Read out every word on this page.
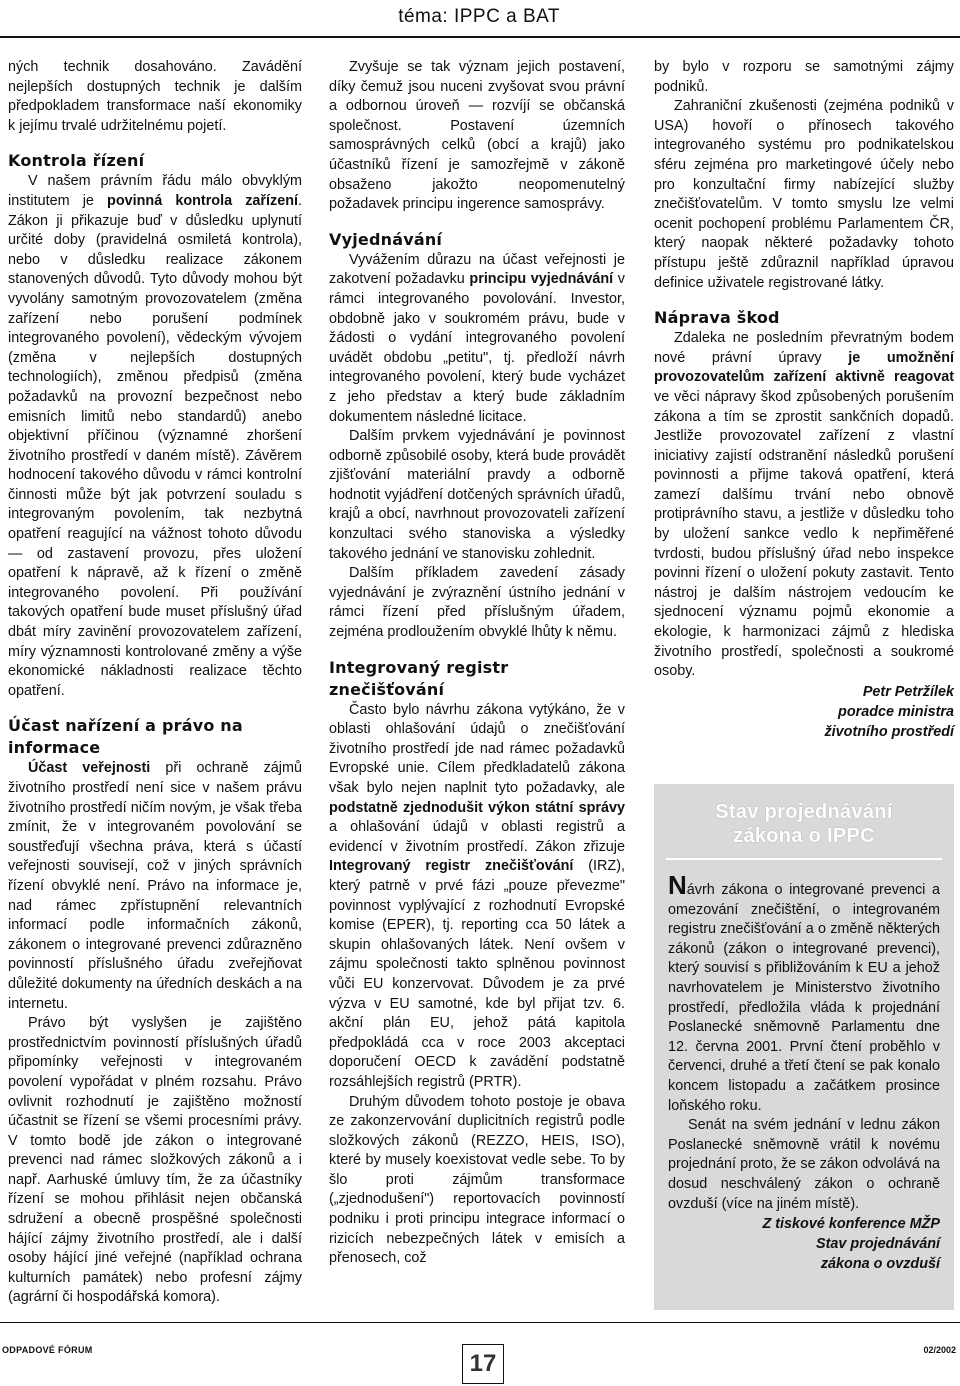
téma: IPPC a BAT

ných technik dosahováno. Zavádění nejlepších dostupných technik je dalším předpokladem transformace naší ekonomiky k jejímu trvalé udržitelnému pojetí.

Kontrola řízení

V našem právním řádu málo obvyklým institutem je povinná kontrola zařízení. Zákon ji přikazuje buď v důsledku uplynutí určité doby (pravidelná osmiletá kontrola), nebo v důsledku realizace zákonem stanovených důvodů. Tyto důvody mohou být vyvolány samotným provozovatelem (změna zařízení nebo porušení podmínek integrovaného povolení), vědeckým vývojem (změna v nejlepších dostupných technologiích), změnou předpisů (změna požadavků na provozní bezpečnost nebo emisních limitů nebo standardů) anebo objektivní příčinou (významné zhoršení životního prostředí v daném místě). Závěrem hodnocení takového důvodu v rámci kontrolní činnosti může být jak potvrzení souladu s integrovaným povolením, tak nezbytná opatření reagující na vážnost tohoto důvodu — od zastavení provozu, přes uložení opatření k nápravě, až k řízení o změně integrovaného povolení. Při používání takových opatření bude muset příslušný úřad dbát míry zavinění provozovatelem zařízení, míry významnosti kontrolované změny a výše ekonomické nákladnosti realizace těchto opatření.

Účast nařízení a právo na informace

Účast veřejnosti při ochraně zájmů životního prostředí není sice v našem právu životního prostředí ničím novým, je však třeba zmínit, že v integrovaném povolování se soustřeďují všechna práva, která s účastí veřejnosti souvisejí, což v jiných správních řízení obvyklé není. Právo na informace je, nad rámec zpřístupnění relevantních informací podle informačních zákonů, zákonem o integrované prevenci zdůrazněno povinností příslušného úřadu zveřejňovat důležité dokumenty na úředních deskách a na internetu.

Právo být vyslyšen je zajištěno prostřednictvím povinností příslušných úřadů připomínky veřejnosti v integrovaném povolení vypořádat v plném rozsahu. Právo ovlivnit rozhodnutí je zajištěno možností účastnit se řízení se všemi procesními právy. V tomto bodě jde zákon o integrované prevenci nad rámec složkových zákonů a i např. Aarhuské úmluvy tím, že za účastníky řízení se mohou přihlásit nejen občanská sdružení a obecně prospěšné společnosti hájící zájmy životního prostředí, ale i další osoby hájící jiné veřejné (například ochrana kulturních památek) nebo profesní zájmy (agrární či hospodářská komora).

Zvyšuje se tak význam jejich postavení, díky čemuž jsou nuceni zvyšovat svou právní a odbornou úroveň — rozvíjí se občanská společnost. Postavení územních samosprávných celků (obcí a krajů) jako účastníků řízení je samozřejmě v zákoně obsaženo jakožto neopomenutelný požadavek principu ingerence samosprávy.

Vyjednávání

Vyvážením důrazu na účast veřejnosti je zakotvení požadavku principu vyjednávání v rámci integrovaného povolování. Investor, obdobně jako v soukromém právu, bude v žádosti o vydání integrovaného povolení uvádět obdobu „petitu", tj. předloží návrh integrovaného povolení, který bude vycházet z jeho představ a který bude základním dokumentem následné licitace.

Dalším prvkem vyjednávání je povinnost odborně způsobilé osoby, která bude provádět zjišťování materiální pravdy a odborně hodnotit vyjádření dotčených správních úřadů, krajů a obcí, navrhnout provozovateli zařízení konzultaci svého stanoviska a výsledky takového jednání ve stanovisku zohlednit.

Dalším příkladem zavedení zásady vyjednávání je zvýraznění ústního jednání v rámci řízení před příslušným úřadem, zejména prodloužením obvyklé lhůty k němu.

Integrovaný registr znečišťování

Často bylo návrhu zákona vytýkáno, že v oblasti ohlašování údajů o znečišťování životního prostředí jde nad rámec požadavků Evropské unie. Cílem předkladatelů zákona však bylo nejen naplnit tyto požadavky, ale podstatně zjednodušit výkon státní správy a ohlašování údajů v oblasti registrů a evidencí v životním prostředí. Zákon zřizuje Integrovaný registr znečišťování (IRZ), který patrně v prvé fázi „pouze převezme" povinnost vyplývající z rozhodnutí Evropské komise (EPER), tj. reporting cca 50 látek a skupin ohlašovaných látek. Není ovšem v zájmu společnosti takto splněnou povinnost vůči EU konzervovat. Důvodem je za prvé výzva v EU samotné, kde byl přijat tzv. 6. akční plán EU, jehož pátá kapitola předpokládá cca v roce 2003 akceptaci doporučení OECD k zavádění podstatně rozsáhlejších registrů (PRTR).

Druhým důvodem tohoto postoje je obava ze zakonzervování duplicitních registrů podle složkových zákonů (REZZO, HEIS, ISO), které by musely koexistovat vedle sebe. To by šlo proti zájmům transformace („zjednodušení") reportovacích povinností podniku i proti principu integrace informací o rizicích nebezpečných látek v emisích a přenosech, což

by bylo v rozporu se samotnými zájmy podniků.

Zahraniční zkušenosti (zejména podniků v USA) hovoří o přínosech takového integrovaného systému pro podnikatelskou sféru zejména pro marketingové účely nebo pro konzultační firmy nabízející služby znečišťovatelům. V tomto smyslu lze velmi ocenit pochopení problému Parlamentem ČR, který naopak některé požadavky tohoto přístupu ještě zdůraznil například úpravou definice uživatele registrované látky.

Náprava škod

Zdaleka ne posledním převratným bodem nové právní úpravy je umožnění provozovatelům zařízení aktivně reagovat ve věci nápravy škod způsobených porušením zákona a tím se zprostit sankčních dopadů. Jestliže provozovatel zařízení z vlastní iniciativy zajistí odstranění následků porušení povinnosti a přijme taková opatření, která zamezí dalšímu trvání nebo obnově protiprávního stavu, a jestliže v důsledku toho by uložení sankce vedlo k nepřiměřené tvrdosti, budou příslušný úřad nebo inspekce povinni řízení o uložení pokuty zastavit. Tento nástroj je dalším nástrojem vedoucím ke sjednocení významu pojmů ekonomie a ekologie, k harmonizaci zájmů z hlediska životního prostředí, společnosti a soukromé osoby.

Petr Petržílek
poradce ministra
životního prostředí
Stav projednávání
zákona o IPPC

Návrh zákona o integrované prevenci a omezování znečištění, o integrovaném registru znečišťování a o změně některých zákonů (zákon o integrované prevenci), který souvisí s přibližováním k EU a jehož navrhovatelem je Ministerstvo životního prostředí, předložila vláda k projednání Poslanecké sněmovně Parlamentu dne 12. června 2001. První čtení proběhlo v červenci, druhé a třetí čtení se pak konalo koncem listopadu a začátkem prosince loňského roku.

Senát na svém jednání v lednu zákon Poslanecké sněmovně vrátil k novému projednání proto, že se zákon odvolává na dosud neschválený zákon o ochraně ovzduší (více na jiném místě).

Z tiskové konference MŽP
Stav projednávání
zákona o ovzduší
ODPADOVÉ FÓRUM	17	02/2002
